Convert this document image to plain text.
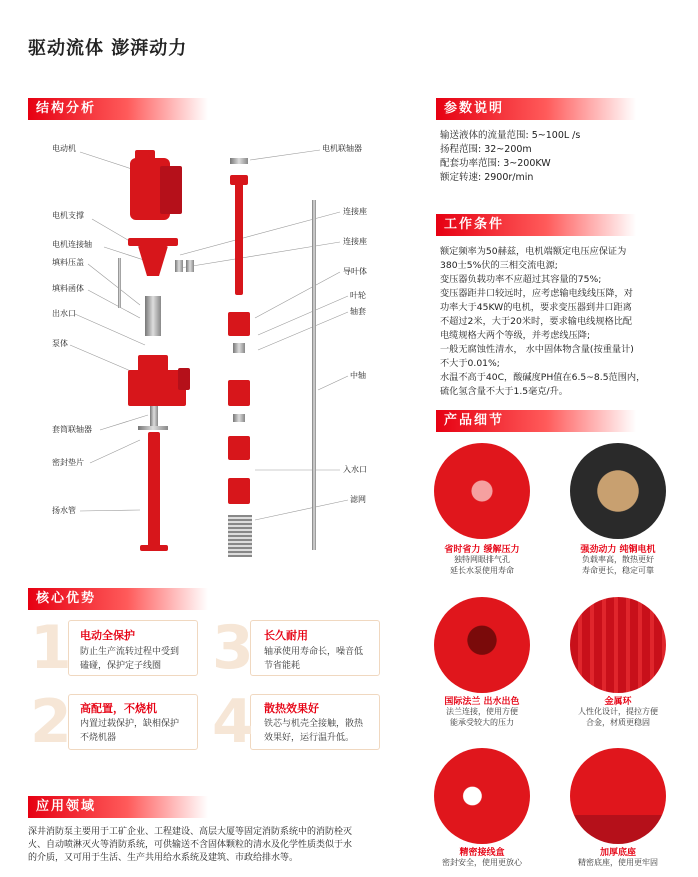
驱动流体 澎湃动力
结构分析
电动机
电机支撑
电机连接轴
填料压盖
填料函体
出水口
泵体
套筒联轴器
密封垫片
扬水管
电机联轴器
连接座
连接座
导叶体
叶轮
轴套
中轴
入水口
滤网
参数说明
输送液体的流量范围: 5~100L /s
扬程范围: 32~200m
配套功率范围: 3~200KW
额定转速: 2900r/min
工作条件
额定频率为50赫兹，电机端额定电压应保证为
380士5%伏的三相交流电源;
变压器负载功率不应超过其容量的75%;
变压器距井口较远时，应考虑输电线线压降，对
功率大于45KW的电机，要求变压器到井口距离
不超过2米，大于20米时，要求输电线规格比配
电缆规格大两个等级，并考虑线压降;
一般无腐蚀性清水， 水中固体物含量(按重量计)
不大于0.01%;
水温不高于40C，酸碱度PH值在6.5~8.5范围内，
硫化氢含量不大于1.5毫克/升。
产品细节
省时省力 缓解压力
独特网眼排气孔
延长水泵使用寿命
强劲动力 纯铜电机
负载率高，散热更好
寿命更长，稳定可靠
国际法兰 出水出色
法兰连接，使用方便
能承受较大的压力
金属环
人性化设计，提拉方便
合金，材质更稳固
精密接线盒
密封安全，使用更放心
加厚底座
精密底座，使用更牢固
核心优势
1 电动全保护
防止生产流转过程中受到
磕碰，保护定子线圈 3 长久耐用
轴承使用寿命长，噪音低
节省能耗
2 高配置，不烧机
内置过载保护，缺相保护
不烧机器	4 散热效果好
铁芯与机壳全接触，散热
效果好，运行温升低。
应用领域
深井消防泵主要用于工矿企业、工程建设、高层大厦等固定消防系统中的消防栓灭
火、自动喷淋灭火等消防系统，可供输送不含固体颗粒的清水及化学性质类似于水
的介质，又可用于生活、生产共用给水系统及建筑、市政给排水等。
